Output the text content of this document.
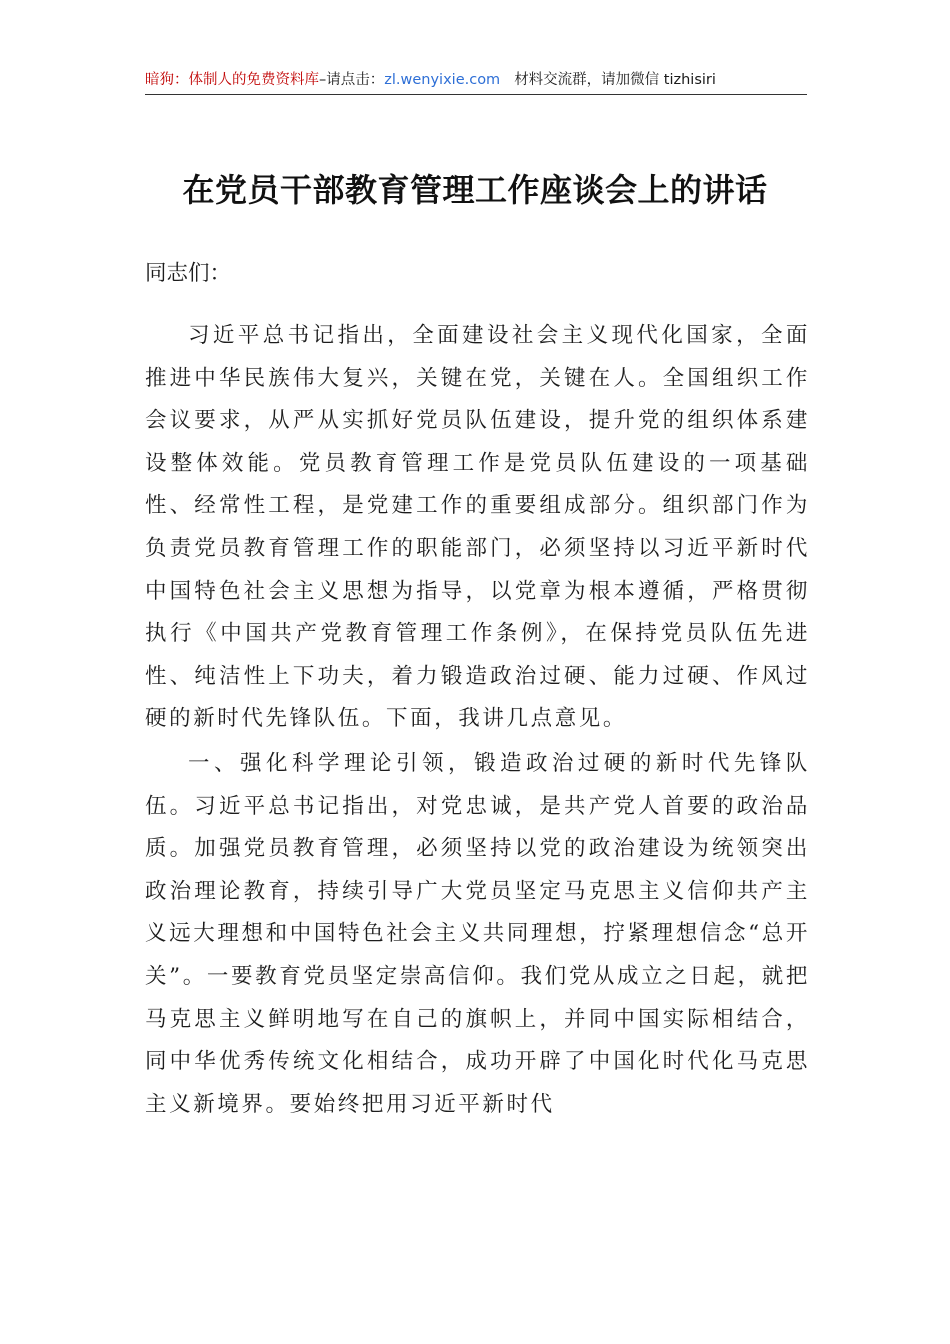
暗狗：体制人的免费资料库–请点击：zl.wenyixie.com 材料交流群，请加微信 tizhisiri
在党员干部教育管理工作座谈会上的讲话

同志们：

习近平总书记指出，全面建设社会主义现代化国家，全面推进中华民族伟大复兴，关键在党，关键在人。全国组织工作会议要求，从严从实抓好党员队伍建设，提升党的组织体系建设整体效能。党员教育管理工作是党员队伍建设的一项基础性、经常性工程，是党建工作的重要组成部分。组织部门作为负责党员教育管理工作的职能部门，必须坚持以习近平新时代中国特色社会主义思想为指导，以党章为根本遵循，严格贯彻执行《中国共产党教育管理工作条例》，在保持党员队伍先进性、纯洁性上下功夫，着力锻造政治过硬、能力过硬、作风过硬的新时代先锋队伍。下面，我讲几点意见。

一、强化科学理论引领，锻造政治过硬的新时代先锋队伍。习近平总书记指出，对党忠诚，是共产党人首要的政治品质。加强党员教育管理，必须坚持以党的政治建设为统领突出政治理论教育，持续引导广大党员坚定马克思主义信仰共产主义远大理想和中国特色社会主义共同理想，拧紧理想信念“总开关”。一要教育党员坚定崇高信仰。我们党从成立之日起，就把马克思主义鲜明地写在自己的旗帜上，并同中国实际相结合，同中华优秀传统文化相结合，成功开辟了中国化时代化马克思主义新境界。要始终把用习近平新时代
